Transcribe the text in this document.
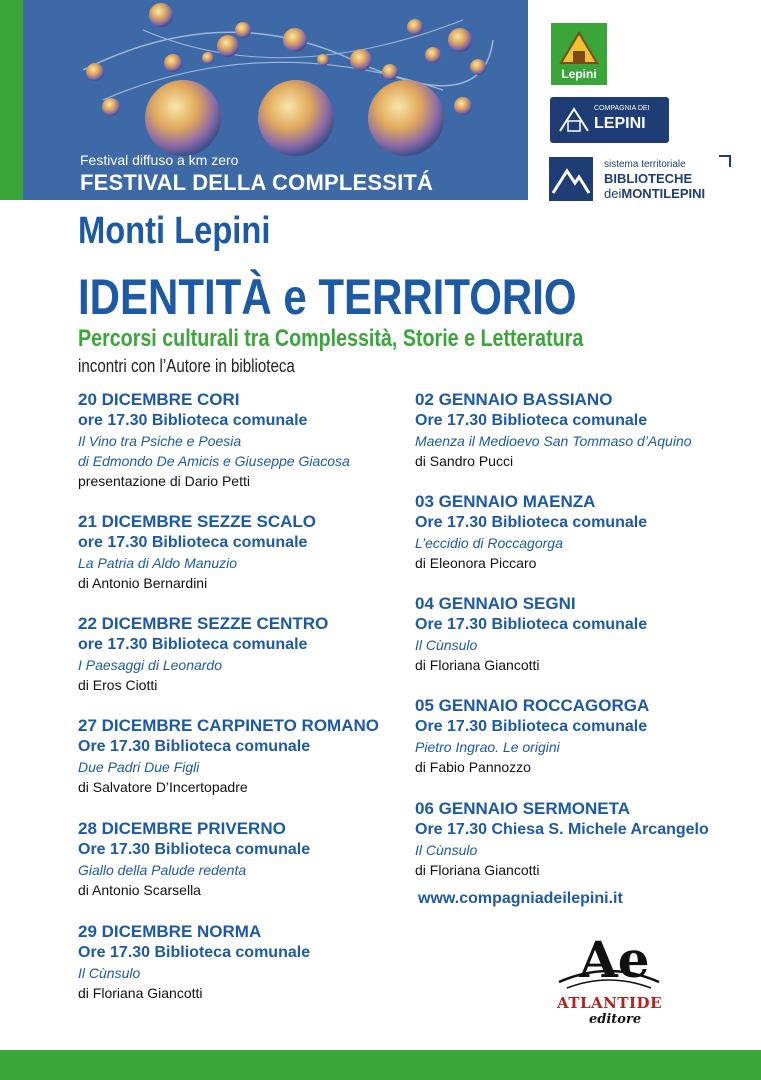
Festival diffuso a km zero
FESTIVAL DELLA COMPLESSITÁ
Lepini
COMPAGNIA DEI
LEPINI
sistema territoriale
BIBLIOTECHE
deiMONTILEPINI
Monti Lepini
IDENTITÀ e TERRITORIO
Percorsi culturali tra Complessità, Storie e Letteratura
incontri con l’Autore in biblioteca
20 DICEMBRE CORI
ore 17.30 Biblioteca comunale
Il Vino tra Psiche e Poesia
di Edmondo De Amicis e Giuseppe Giacosa
presentazione di Dario Petti
21 DICEMBRE SEZZE SCALO
ore 17.30 Biblioteca comunale
La Patria di Aldo Manuzio
di Antonio Bernardini
22 DICEMBRE SEZZE CENTRO
ore 17.30 Biblioteca comunale
I Paesaggi di Leonardo
di Eros Ciotti
27 DICEMBRE CARPINETO ROMANO
Ore 17.30 Biblioteca comunale
Due Padri Due Figli
di Salvatore D’Incertopadre
28 DICEMBRE PRIVERNO
Ore 17.30 Biblioteca comunale
Giallo della Palude redenta
di Antonio Scarsella
29 DICEMBRE NORMA
Ore 17.30 Biblioteca comunale
Il Cùnsulo
di Floriana Giancotti
02 GENNAIO BASSIANO
Ore 17.30 Biblioteca comunale
Maenza il Medioevo San Tommaso d’Aquino
di Sandro Pucci
03 GENNAIO MAENZA
Ore 17.30 Biblioteca comunale
L’eccidio di Roccagorga
di Eleonora Piccaro
04 GENNAIO SEGNI
Ore 17.30 Biblioteca comunale
Il Cùnsulo
di Floriana Giancotti
05 GENNAIO ROCCAGORGA
Ore 17.30 Biblioteca comunale
Pietro Ingrao. Le origini
di Fabio Pannozzo
06 GENNAIO SERMONETA
Ore 17.30 Chiesa S. Michele Arcangelo
Il Cùnsulo
di Floriana Giancotti
www.compagniadeilepini.it
Ae
ATLANTIDE
editore
